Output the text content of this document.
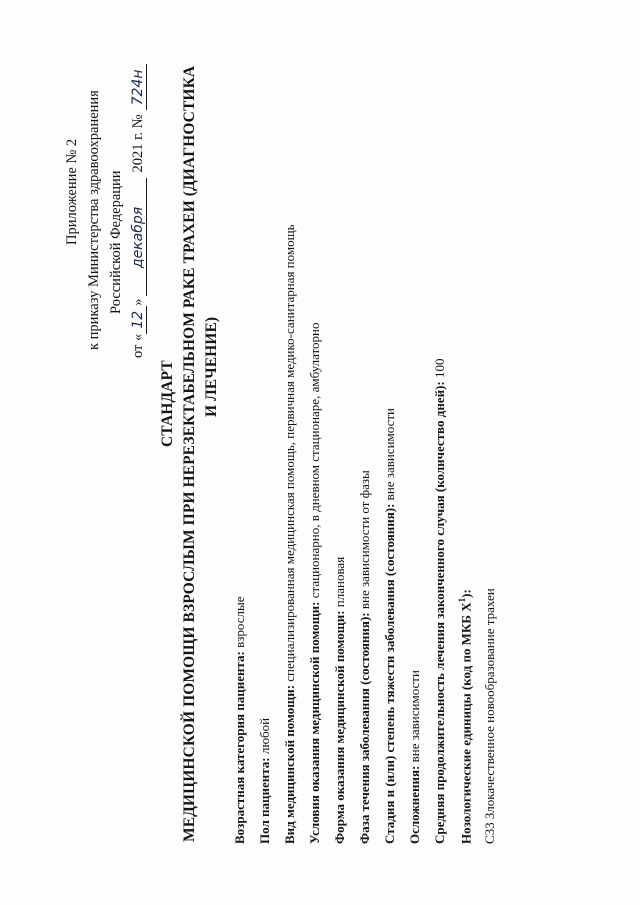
Приложение № 2 к приказу Министерства здравоохранения Российской Федерации
от «12»декабря2021 г. №724н
СТАНДАРТ МЕДИЦИНСКОЙ ПОМОЩИ ВЗРОСЛЫМ ПРИ НЕРЕЗЕКТАБЕЛЬНОМ РАКЕ ТРАХЕИ (ДИАГНОСТИКА И ЛЕЧЕНИЕ)
Возрастная категория пациента: взрослые
Пол пациента: любой Вид медицинской помощи: специализированная медицинская помощь, первичная медико-санитарная помощь
Условия оказания медицинской помощи: стационарно, в дневном стационаре, амбулаторно
Форма оказания медицинской помощи: плановая
Фаза течения заболевания (состояния): вне зависимости от фазы Стадия и (или) степень тяжести заболевания (состояния): вне зависимости
Осложнения: вне зависимости Средняя продолжительность лечения законченного случая (количество дней): 100
Нозологические единицы (код по МКБ $X^1$): С33 Злокачественное новообразование трахеи
